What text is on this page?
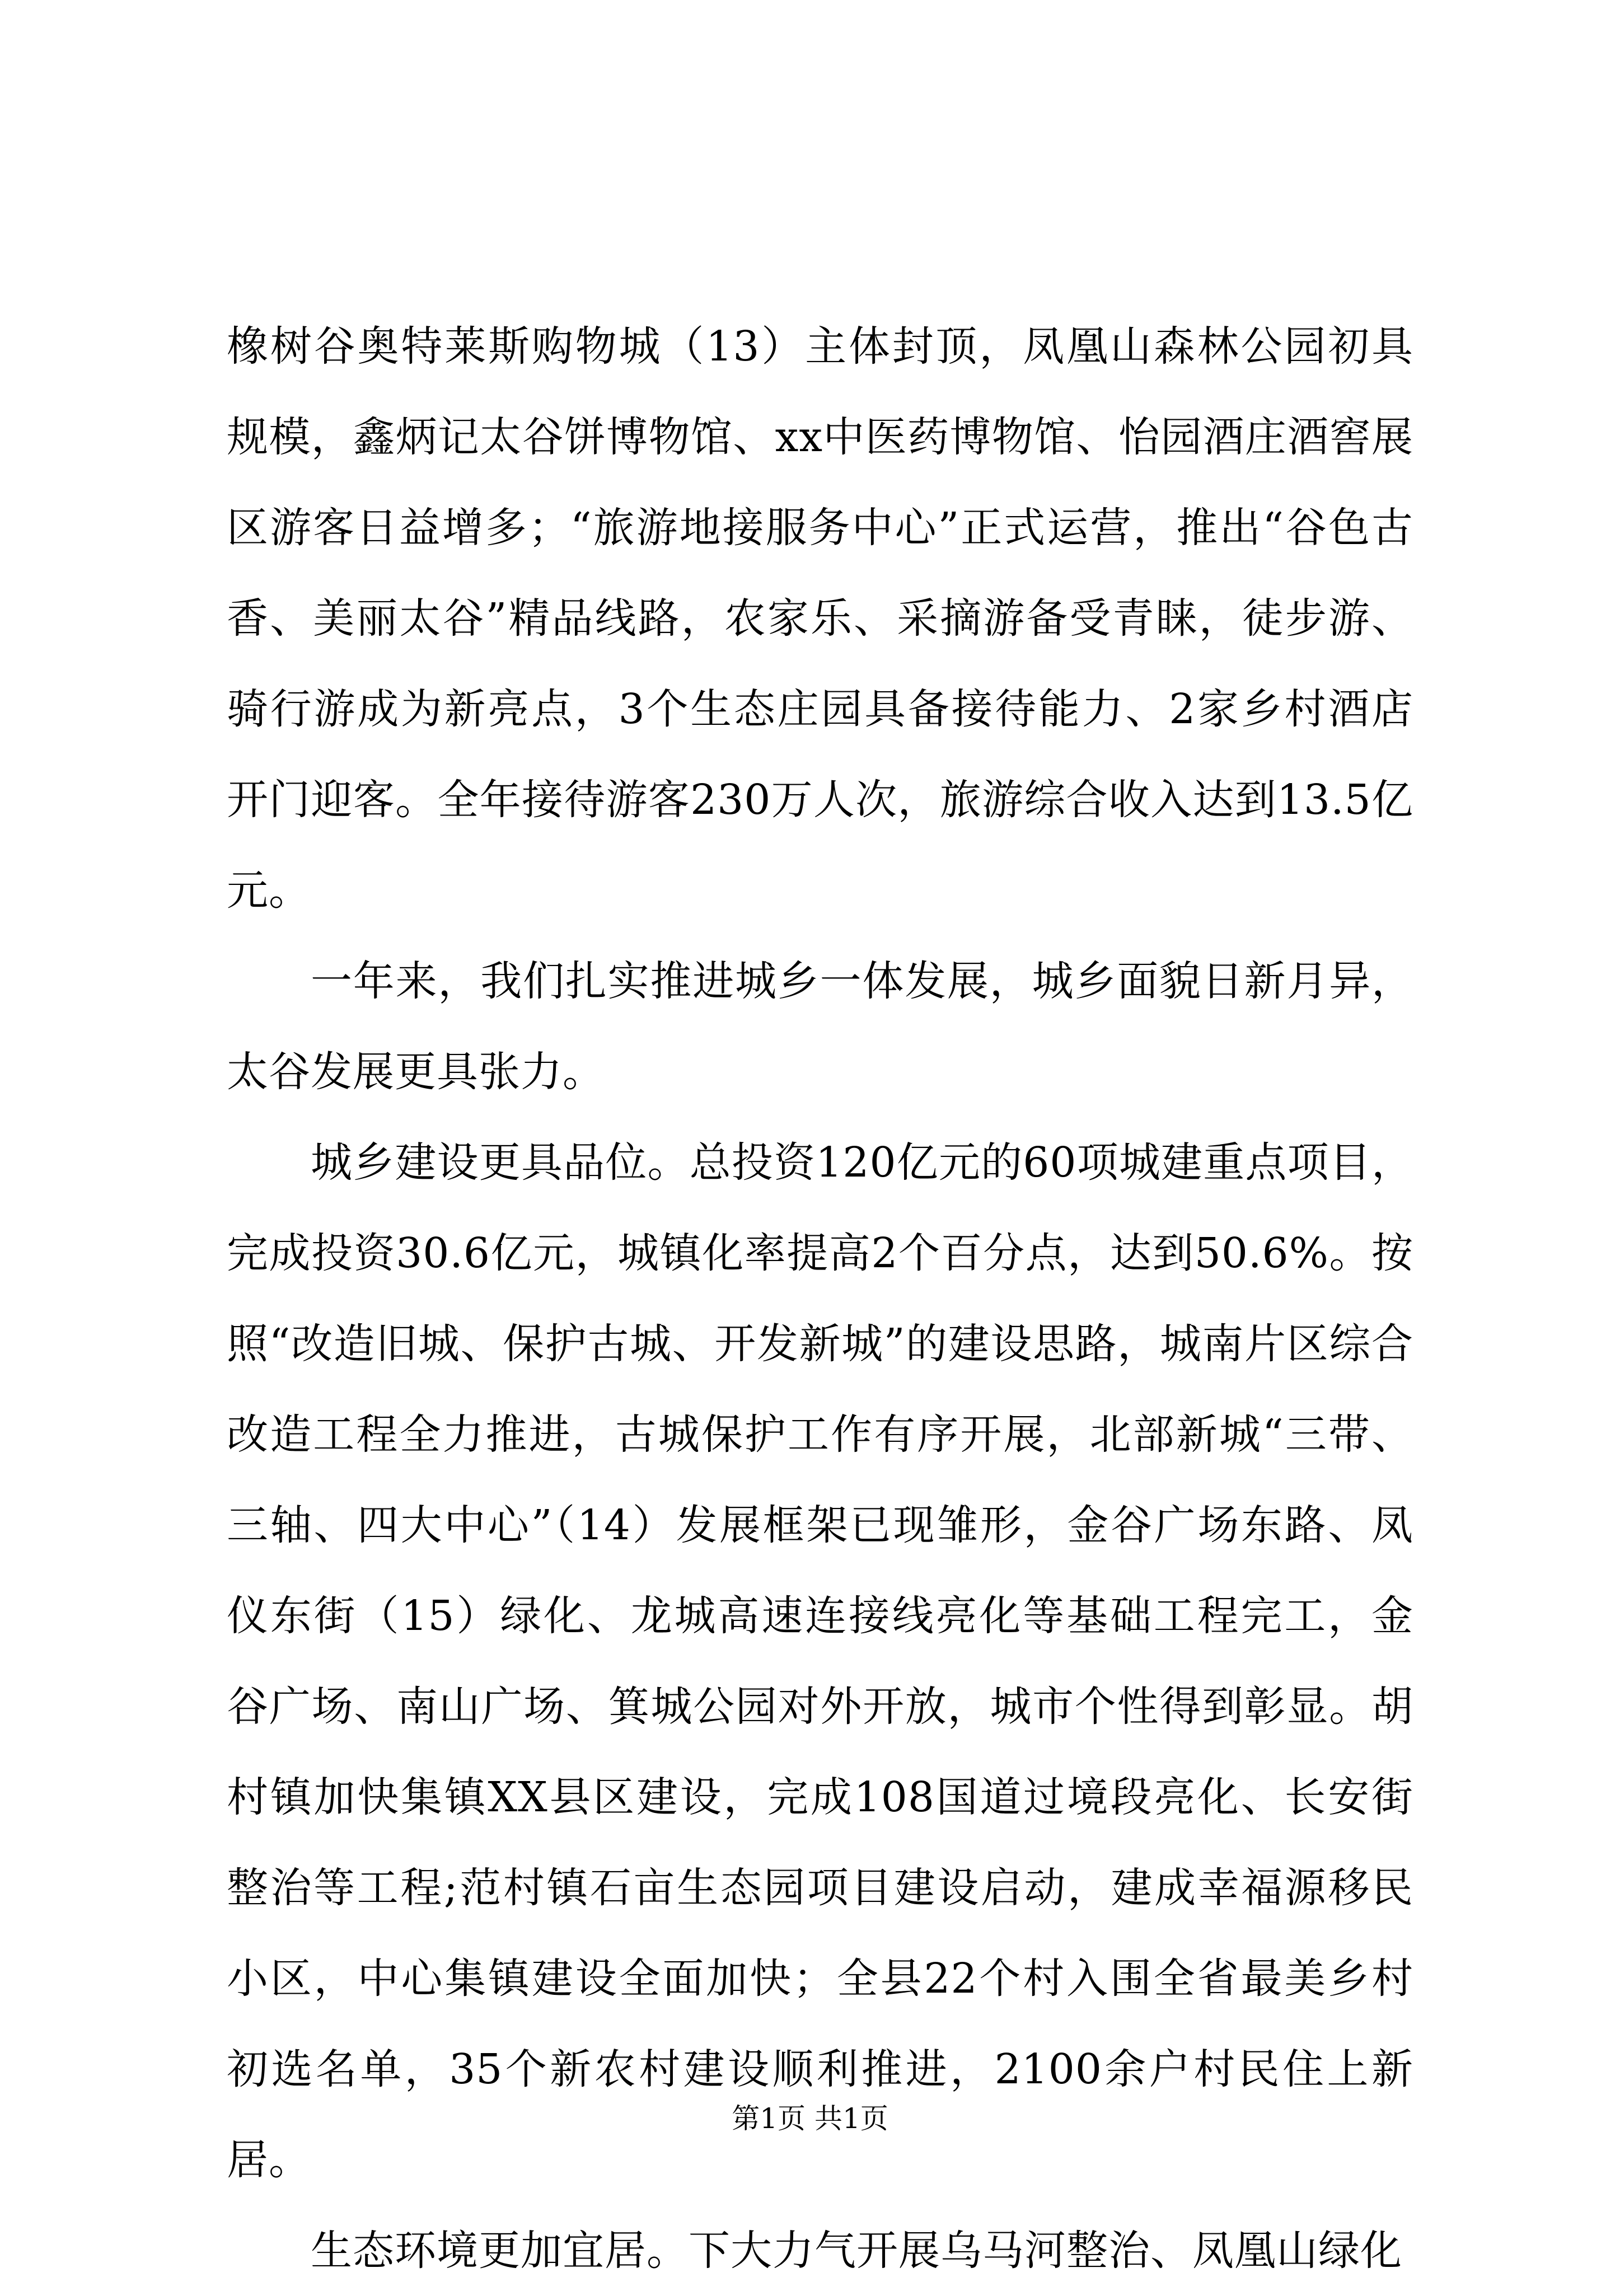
橡树谷奥特莱斯购物城（13）主体封顶，凤凰山森林公园初具规模，鑫炳记太谷饼博物馆、xx中医药博物馆、怡园酒庄酒窖展区游客日益增多；“旅游地接服务中心”正式运营，推出“谷色古香、美丽太谷”精品线路，农家乐、采摘游备受青睐，徒步游、骑行游成为新亮点，3个生态庄园具备接待能力、2家乡村酒店开门迎客。全年接待游客230万人次，旅游综合收入达到13.5亿元。

一年来，我们扎实推进城乡一体发展，城乡面貌日新月异，太谷发展更具张力。

城乡建设更具品位。总投资120亿元的60项城建重点项目，完成投资30.6亿元，城镇化率提高2个百分点，达到50.6%。按照“改造旧城、保护古城、开发新城”的建设思路，城南片区综合改造工程全力推进，古城保护工作有序开展，北部新城“三带、三轴、四大中心”（14）发展框架已现雏形，金谷广场东路、凤仪东街（15）绿化、龙城高速连接线亮化等基础工程完工，金谷广场、南山广场、箕城公园对外开放，城市个性得到彰显。胡村镇加快集镇XX县区建设，完成108国道过境段亮化、长安街整治等工程;范村镇石亩生态园项目建设启动，建成幸福源移民小区，中心集镇建设全面加快；全县22个村入围全省最美乡村初选名单，35个新农村建设顺利推进，2100余户村民住上新居。

生态环境更加宜居。下大力气开展乌马河整治、凤凰山绿化

第1页 共1页
